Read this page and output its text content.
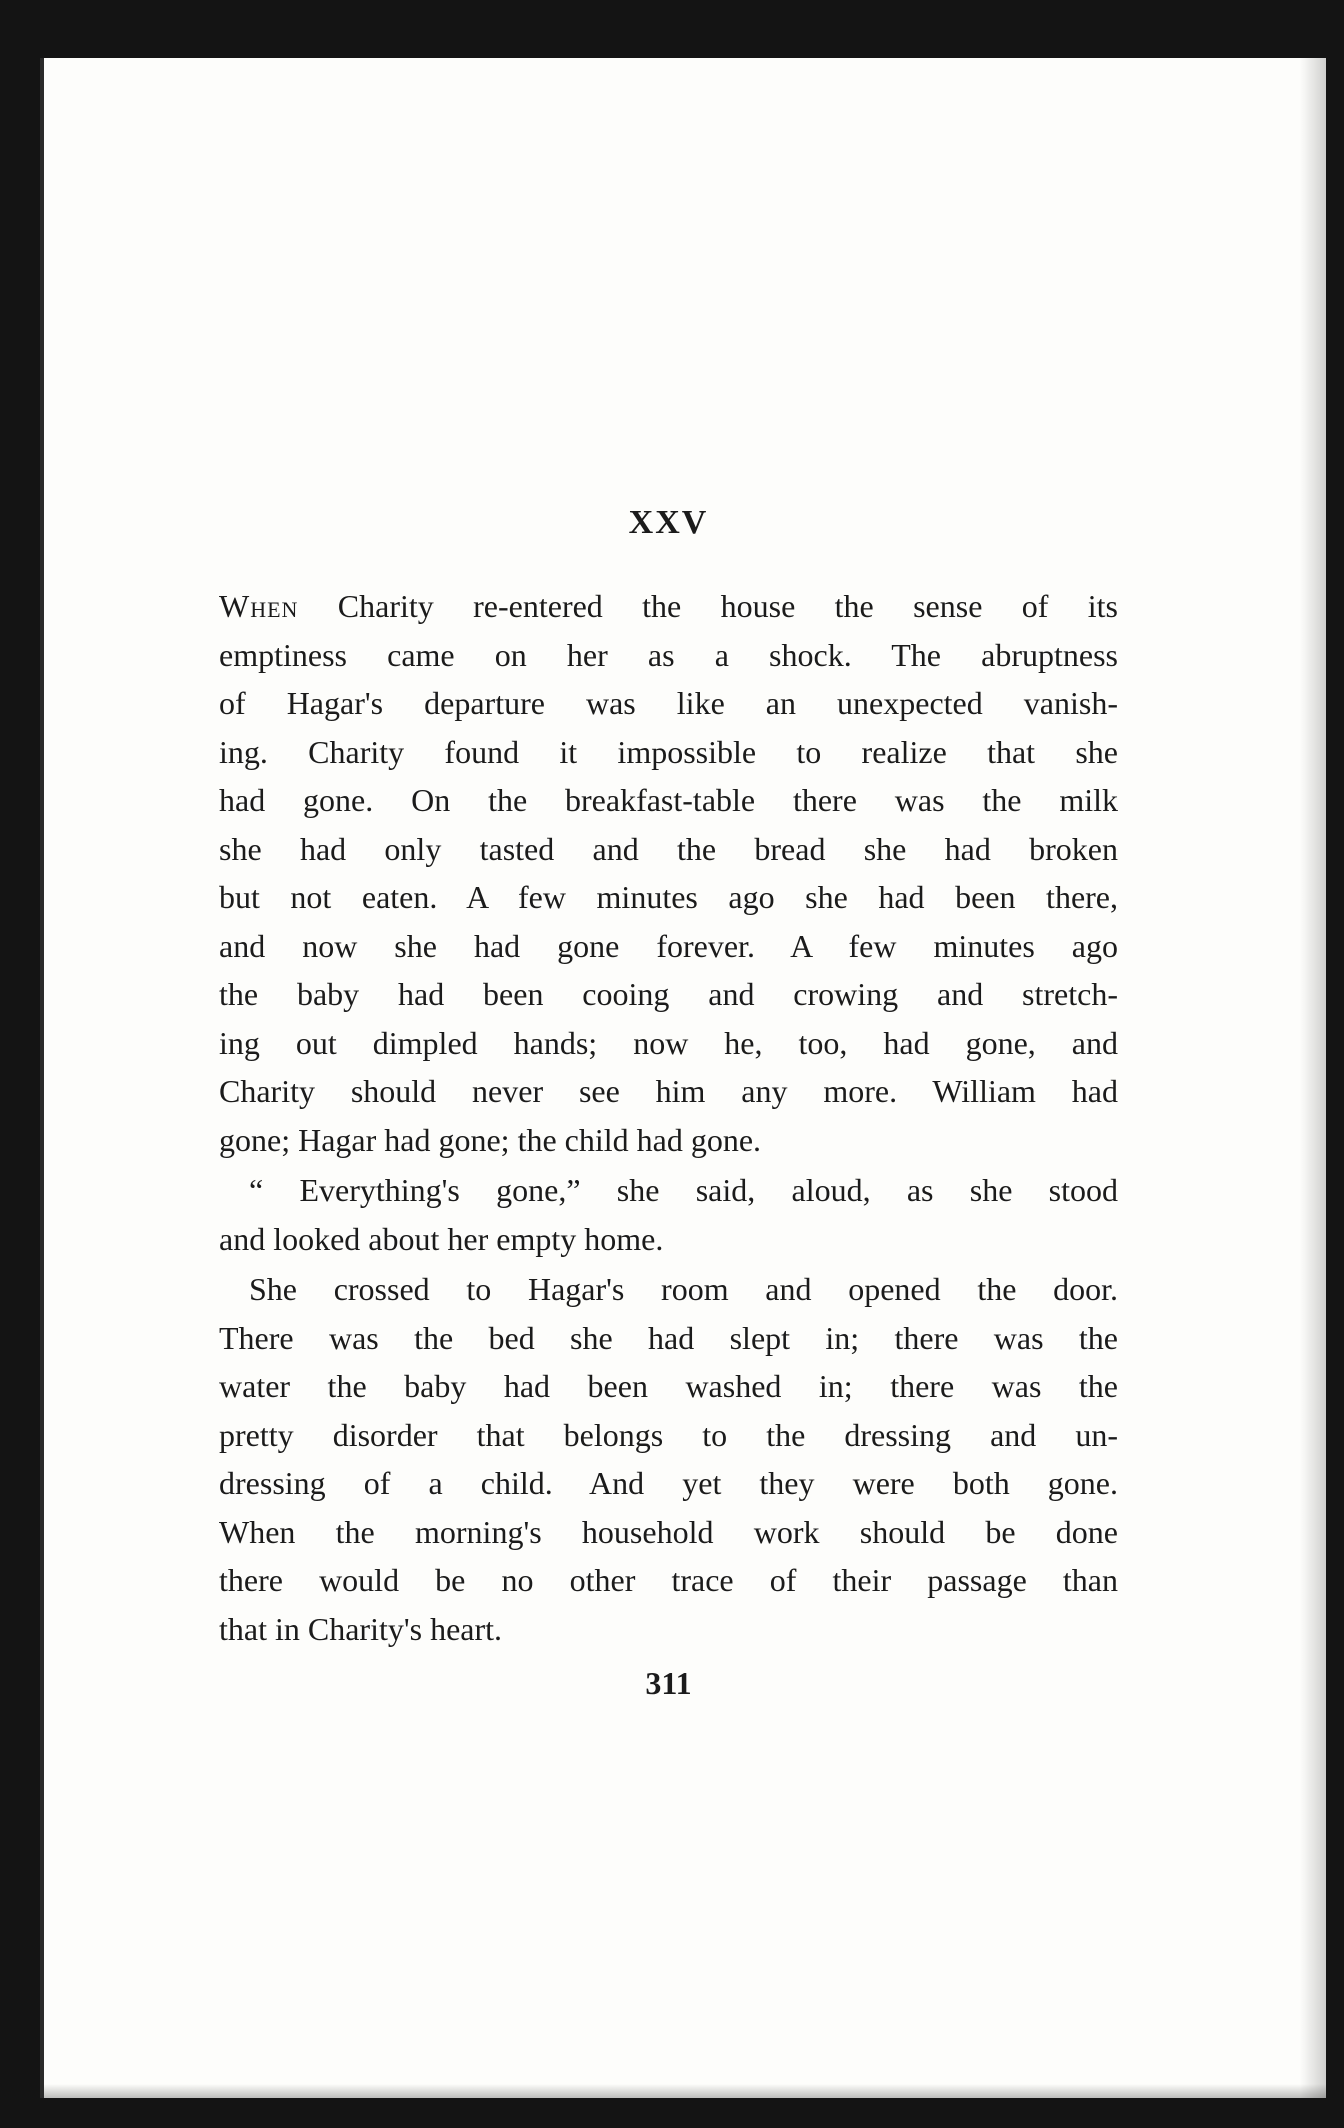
XXV
When Charity re-entered the house the sense of its
emptiness came on her as a shock. The abruptness
of Hagar's departure was like an unexpected vanish-
ing. Charity found it impossible to realize that she
had gone. On the breakfast-table there was the milk
she had only tasted and the bread she had broken
but not eaten. A few minutes ago she had been there,
and now she had gone forever. A few minutes ago
the baby had been cooing and crowing and stretch-
ing out dimpled hands; now he, too, had gone, and
Charity should never see him any more. William had
gone; Hagar had gone; the child had gone.
“ Everything's gone,” she said, aloud, as she stood
and looked about her empty home.
She crossed to Hagar's room and opened the door.
There was the bed she had slept in; there was the
water the baby had been washed in; there was the
pretty disorder that belongs to the dressing and un-
dressing of a child. And yet they were both gone.
When the morning's household work should be done
there would be no other trace of their passage than
that in Charity's heart.
311
